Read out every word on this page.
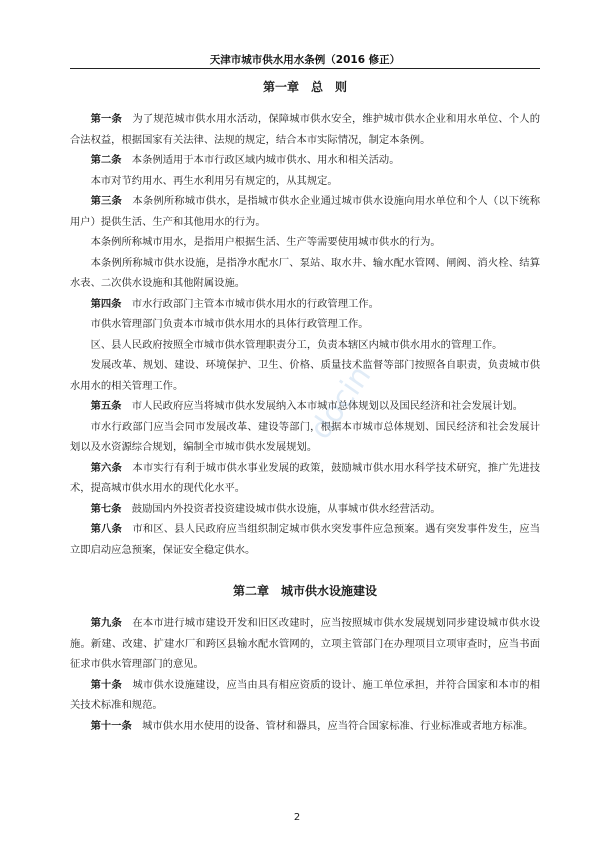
天津市城市供水用水条例（2016 修正）
第一章　总　则

第一条  为了规范城市供水用水活动，保障城市供水安全，维护城市供水企业和用水单位、个人的合法权益，根据国家有关法律、法规的规定，结合本市实际情况，制定本条例。

第二条  本条例适用于本市行政区域内城市供水、用水和相关活动。

本市对节约用水、再生水利用另有规定的，从其规定。

第三条  本条例所称城市供水，是指城市供水企业通过城市供水设施向用水单位和个人（以下统称用户）提供生活、生产和其他用水的行为。

本条例所称城市用水，是指用户根据生活、生产等需要使用城市供水的行为。

本条例所称城市供水设施，是指净水配水厂、泵站、取水井、输水配水管网、闸阀、消火栓、结算水表、二次供水设施和其他附属设施。

第四条  市水行政部门主管本市城市供水用水的行政管理工作。

市供水管理部门负责本市城市供水用水的具体行政管理工作。

区、县人民政府按照全市城市供水管理职责分工，负责本辖区内城市供水用水的管理工作。

发展改革、规划、建设、环境保护、卫生、价格、质量技术监督等部门按照各自职责，负责城市供水用水的相关管理工作。

第五条  市人民政府应当将城市供水发展纳入本市城市总体规划以及国民经济和社会发展计划。

市水行政部门应当会同市发展改革、建设等部门，根据本市城市总体规划、国民经济和社会发展计划以及水资源综合规划，编制全市城市供水发展规划。

第六条  本市实行有利于城市供水事业发展的政策，鼓励城市供水用水科学技术研究，推广先进技术，提高城市供水用水的现代化水平。

第七条  鼓励国内外投资者投资建设城市供水设施，从事城市供水经营活动。

第八条  市和区、县人民政府应当组织制定城市供水突发事件应急预案。遇有突发事件发生，应当立即启动应急预案，保证安全稳定供水。

第二章　城市供水设施建设

第九条  在本市进行城市建设开发和旧区改建时，应当按照城市供水发展规划同步建设城市供水设施。新建、改建、扩建水厂和跨区县输水配水管网的，立项主管部门在办理项目立项审查时，应当书面征求市供水管理部门的意见。

第十条  城市供水设施建设，应当由具有相应资质的设计、施工单位承担，并符合国家和本市的相关技术标准和规范。

第十一条  城市供水用水使用的设备、管材和器具，应当符合国家标准、行业标准或者地方标准。

docin
2
